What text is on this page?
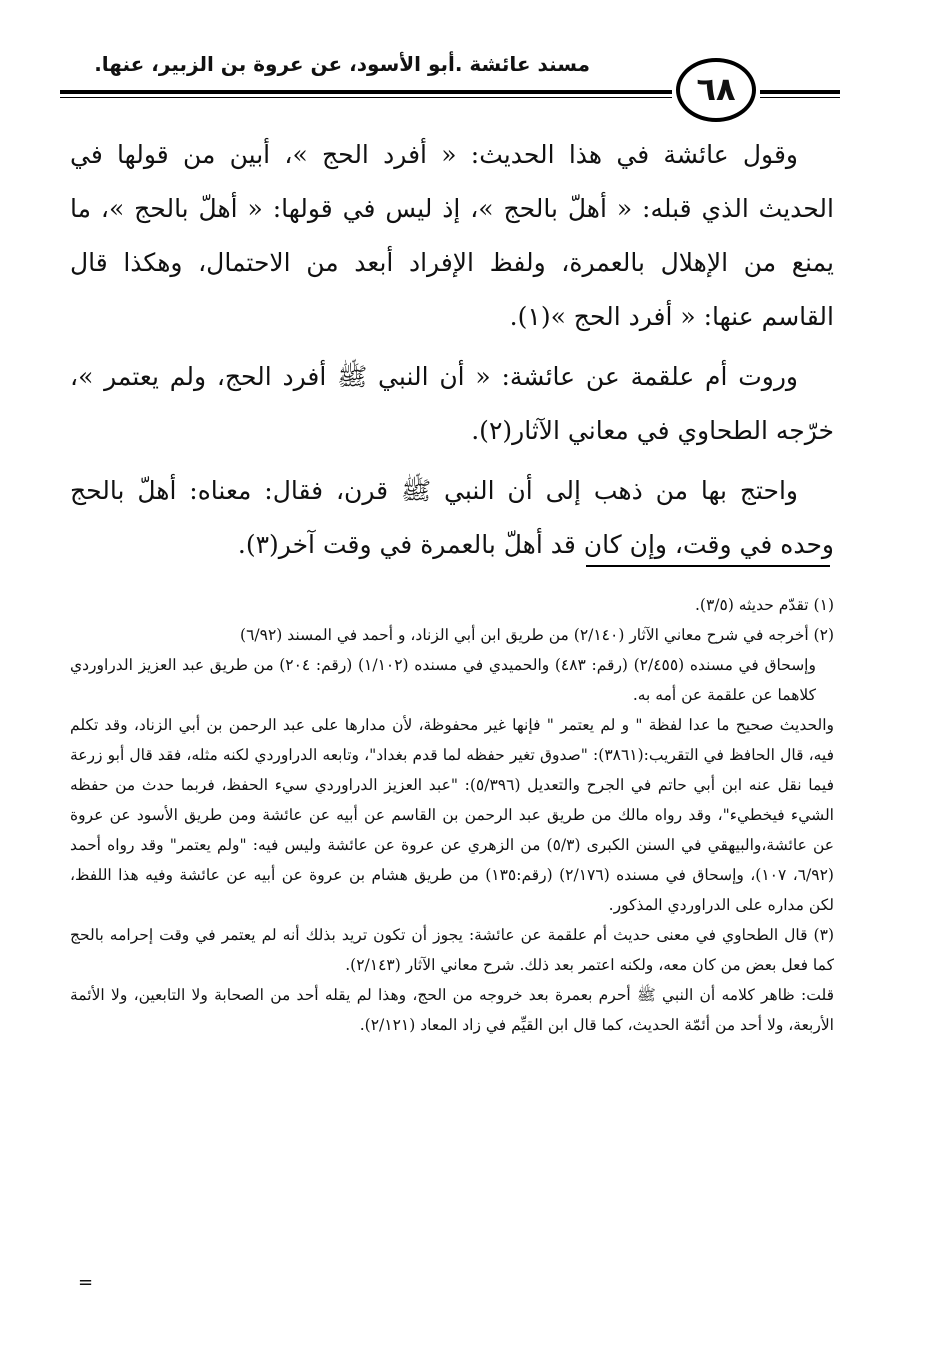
مسند عائشة .أبو الأسود، عن عروة بن الزبير، عنها.
٦٨

وقول عائشة في هذا الحديث: « أفرد الحج »، أبين من قولها في الحديث الذي قبله: « أهلّ بالحج »، إذ ليس في قولها: « أهلّ بالحج »، ما يمنع من الإهلال بالعمرة، ولفظ الإفراد أبعد من الاحتمال، وهكذا قال القاسم عنها: « أفرد الحج »(١).

وروت أم علقمة عن عائشة: « أن النبي ﷺ أفرد الحج، ولم يعتمر »، خرّجه الطحاوي في معاني الآثار(٢).

واحتج بها من ذهب إلى أن النبي ﷺ قرن، فقال: معناه: أهلّ بالحج وحده في وقت، وإن كان قد أهلّ بالعمرة في وقت آخر(٣).

(١) تقدّم حديثه (٣/٥).

(٢) أخرجه في شرح معاني الآثار (٢/١٤٠) من طريق ابن أبي الزناد، و أحمد في المسند (٦/٩٢)

وإسحاق في مسنده (٢/٤٥٥) (رقم: ٤٨٣) والحميدي في مسنده (١/١٠٢) (رقم: ٢٠٤) من طريق عبد العزيز الدراوردي كلاهما عن علقمة عن أمه به.

والحديث صحيح ما عدا لفظة " و لم يعتمر " فإنها غير محفوظة، لأن مدارها على عبد الرحمن بن أبي الزناد، وقد تكلم فيه، قال الحافظ في التقريب:(٣٨٦١): "صدوق تغير حفظه لما قدم بغداد"، وتابعه الدراوردي لكنه مثله، فقد قال أبو زرعة فيما نقل عنه ابن أبي حاتم في الجرح والتعديل (٥/٣٩٦): "عبد العزيز الدراوردي سيء الحفظ، فربما حدث من حفظه الشيء فيخطيء"، وقد رواه مالك من طريق عبد الرحمن بن القاسم عن أبيه عن عائشة ومن طريق الأسود عن عروة عن عائشة،والبيهقي في السنن الكبرى (٥/٣) من الزهري عن عروة عن عائشة وليس فيه: "ولم يعتمر" وقد رواه أحمد (٦/٩٢، ١٠٧)، وإسحاق في مسنده (٢/١٧٦) (رقم:١٣٥) من طريق هشام بن عروة عن أبيه عن عائشة وفيه هذا اللفظ، لكن مداره على الدراوردي المذكور.

(٣) قال الطحاوي في معنى حديث أم علقمة عن عائشة: يجوز أن تكون تريد بذلك أنه لم يعتمر في وقت إحرامه بالحج كما فعل بعض من كان معه، ولكنه اعتمر بعد ذلك. شرح معاني الآثار (٢/١٤٣).

قلت: ظاهر كلامه أن النبي ﷺ أحرم بعمرة بعد خروجه من الحج، وهذا لم يقله أحد من الصحابة ولا التابعين، ولا الأئمة الأربعة، ولا أحد من أئمّة الحديث، كما قال ابن القيِّم في زاد المعاد (٢/١٢١).

=
